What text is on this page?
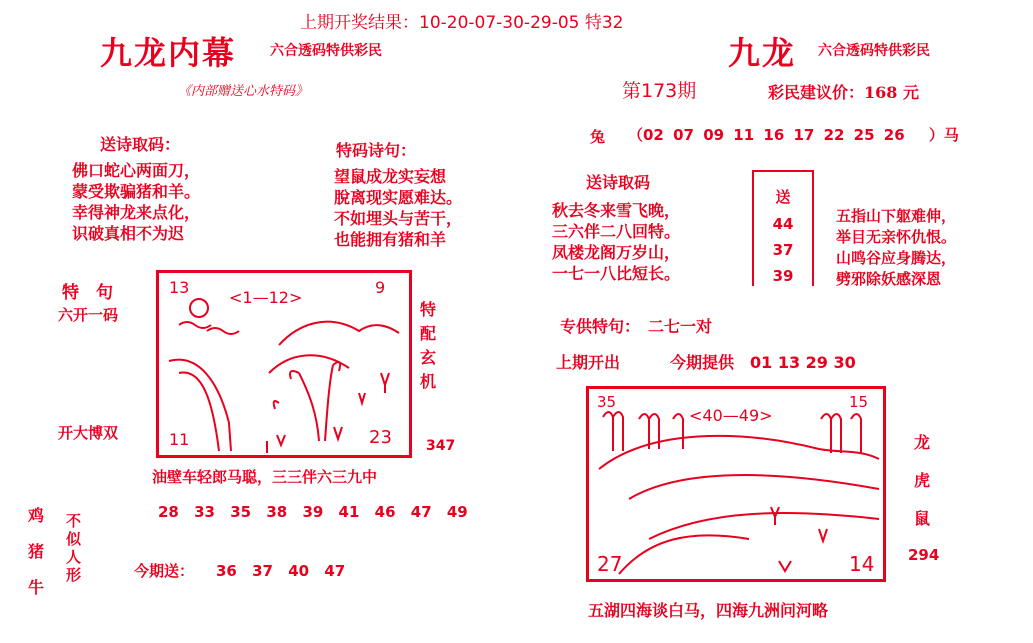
上期开奖结果：10-20-07-30-29-05 特32
九龙内幕 六合透码特供彩民
《内部赠送心水特码》
送诗取码：
佛口蛇心两面刀，
蒙受欺骗猪和羊。
幸得神龙来点化，
识破真相不为迟
特码诗句：
望鼠成龙实妄想
脫离现实愿难达。
不如埋头与苦干，
也能拥有猪和羊
特　句
六开一码
开大博双
13
<1—12>
9
11	23
特
配
玄
机
347
油壁车轻郎马聪，三三伴六三九中
28 33 35 38 39 41 46 47 49
鸡
猪
牛
不
似
人
形	今期送： 36 37 40 47
九龙 六合透码特供彩民
第173期	彩民建议价：168 元
兔 （02 07 09 11 16 17 22 25 26　 ）马
送诗取码
秋去冬来雪飞晚，
三六伴二八回特。
凤楼龙阁万岁山，
一七一八比短长。
送
44
37
39
五指山下躯难伸，
举目无亲怀仇恨。
山鸣谷应身腾达，
劈邪除妖感深恩
专供特句：　二七一对
上期开出	今期提供　01 13 29 30
35
<40—49>
15
27	14
龙
虎
鼠
294
五湖四海谈白马，四海九洲问河略
